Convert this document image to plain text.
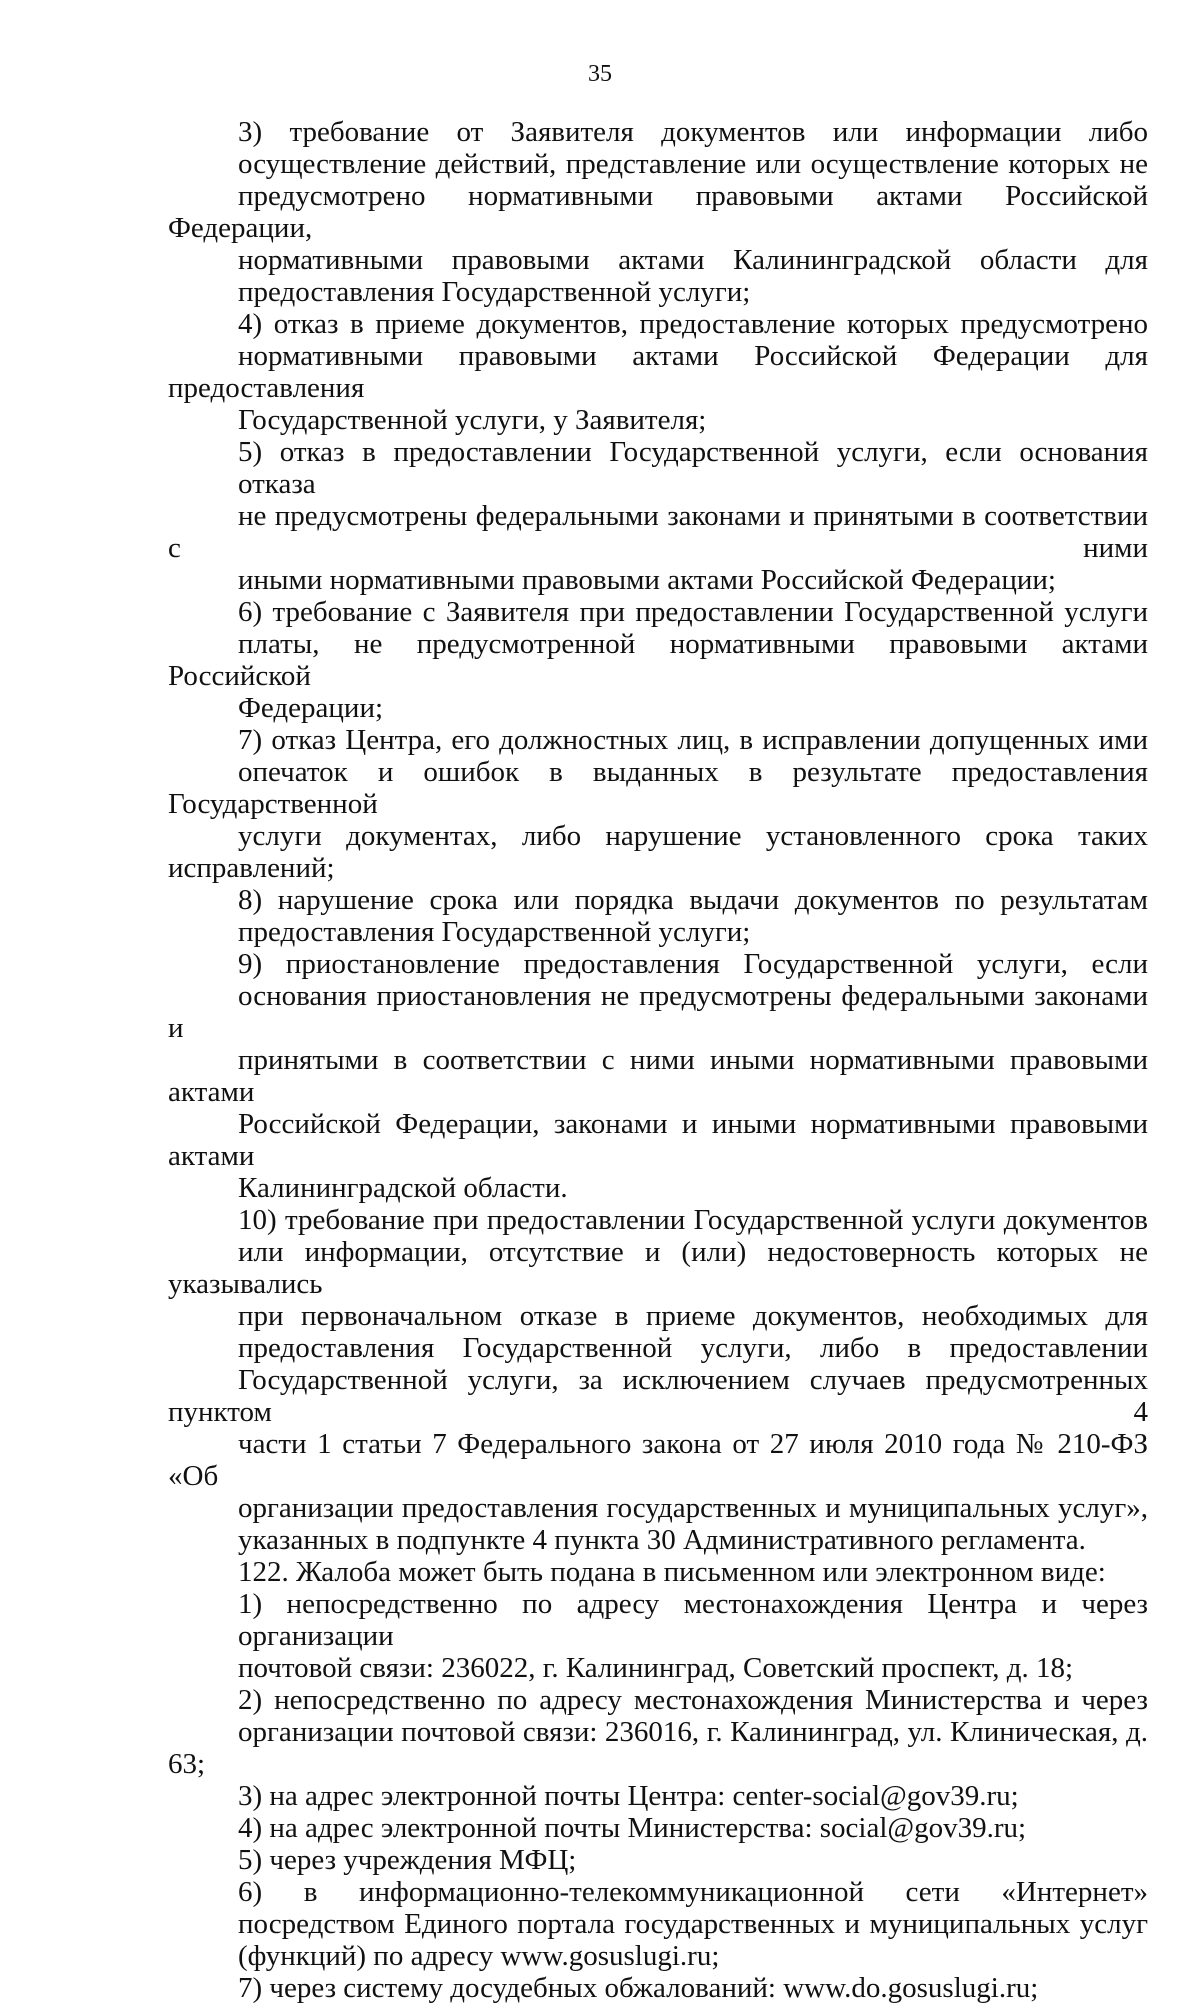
35
3) требование от Заявителя документов или информации либо
осуществление действий, представление или осуществление которых не
предусмотрено нормативными правовыми актами Российской Федерации,
нормативными правовыми актами Калининградской области для
предоставления Государственной услуги;
4) отказ в приеме документов, предоставление которых предусмотрено
нормативными правовыми актами Российской Федерации для предоставления
Государственной услуги, у Заявителя;
5) отказ в предоставлении Государственной услуги, если основания отказа
не предусмотрены федеральными законами и принятыми в соответствии с ними
иными нормативными правовыми актами Российской Федерации;
6) требование с Заявителя при предоставлении Государственной услуги
платы, не предусмотренной нормативными правовыми актами Российской
Федерации;
7) отказ Центра, его должностных лиц, в исправлении допущенных ими
опечаток и ошибок в выданных в результате предоставления Государственной
услуги документах, либо нарушение установленного срока таких исправлений;
8) нарушение срока или порядка выдачи документов по результатам
предоставления Государственной услуги;
9) приостановление предоставления Государственной услуги, если
основания приостановления не предусмотрены федеральными законами и
принятыми в соответствии с ними иными нормативными правовыми актами
Российской Федерации, законами и иными нормативными правовыми актами
Калининградской области.
10) требование при предоставлении Государственной услуги документов
или информации, отсутствие и (или) недостоверность которых не указывались
при первоначальном отказе в приеме документов, необходимых для
предоставления Государственной услуги, либо в предоставлении
Государственной услуги, за исключением случаев предусмотренных пунктом 4
части 1 статьи 7 Федерального закона от 27 июля 2010 года № 210-ФЗ «Об
организации предоставления государственных и муниципальных услуг»,
указанных в подпункте 4 пункта 30 Административного регламента.
122. Жалоба может быть подана в письменном или электронном виде:
1) непосредственно по адресу местонахождения Центра и через организации
почтовой связи: 236022, г. Калининград, Советский проспект, д. 18;
2) непосредственно по адресу местонахождения Министерства и через
организации почтовой связи: 236016, г. Калининград, ул. Клиническая, д. 63;
3) на адрес электронной почты Центра: center-social@gov39.ru;
4) на адрес электронной почты Министерства: social@gov39.ru;
5) через учреждения МФЦ;
6) в информационно-телекоммуникационной сети «Интернет»
посредством Единого портала государственных и муниципальных услуг
(функций) по адресу www.gosuslugi.ru;
7) через систему досудебных обжалований: www.do.gosuslugi.ru;
